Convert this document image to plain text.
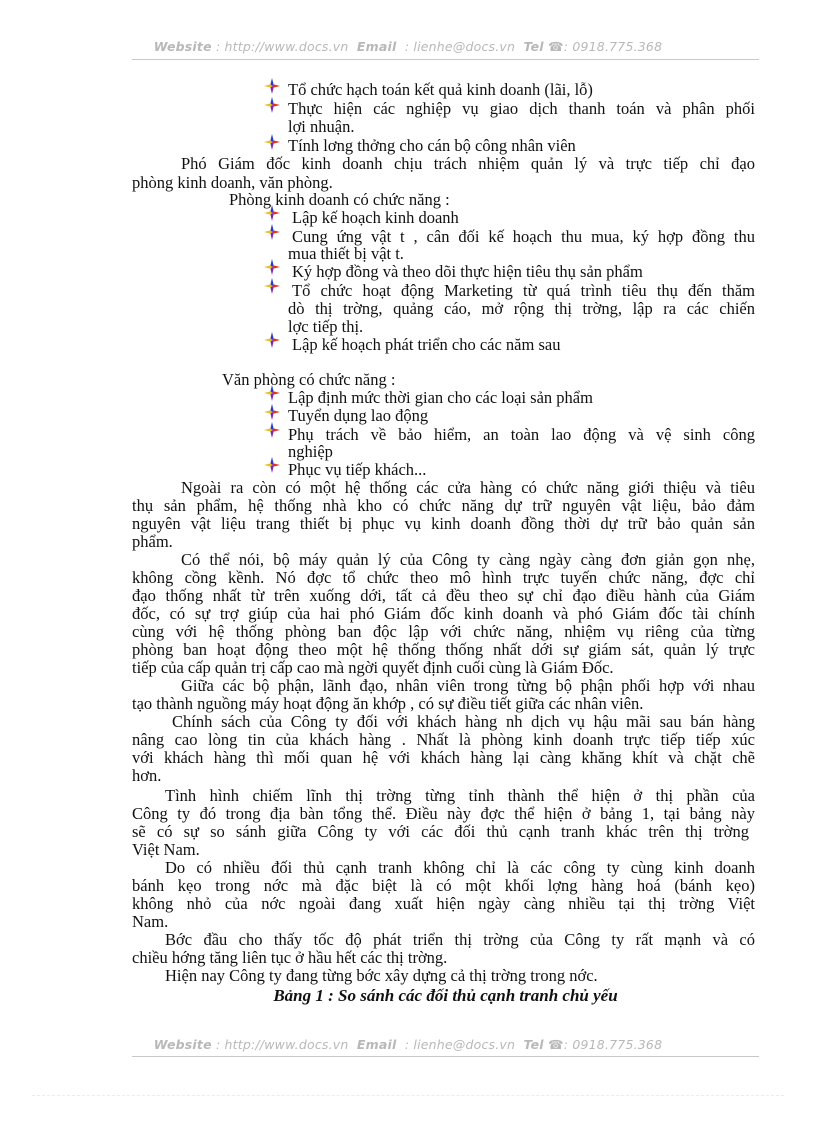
Website : http://www.docs.vn Email : lienhe@docs.vn Tel ☎: 0918.775.368
Tổ chức hạch toán kết quả kinh doanh (lãi, lỗ)
Thực hiện các nghiệp vụ giao dịch thanh toán và phân phối
lợi nhuận.
Tính lơng thởng cho cán bộ công nhân viên
Phó Giám đốc kinh doanh chịu trách nhiệm quản lý và trực tiếp chỉ đạo
phòng kinh doanh, văn phòng.
Phòng kinh doanh có chức năng :
Lập kế hoạch kinh doanh
Cung ứng vật t , cân đối kế hoạch thu mua, ký hợp đồng thu
mua thiết bị vật t.
Ký hợp đồng và theo dõi thực hiện tiêu thụ sản phẩm
Tổ chức hoạt động Marketing từ quá trình tiêu thụ đến thăm
dò thị trờng, quảng cáo, mở rộng thị trờng, lập ra các chiến
lợc tiếp thị.
Lập kế hoạch phát triển cho các năm sau
Văn phòng có chức năng :
Lập định mức thời gian cho các loại sản phẩm
Tuyển dụng lao động
Phụ trách về bảo hiểm, an toàn lao động và vệ sinh công
nghiệp
Phục vụ tiếp khách...
Ngoài ra còn có một hệ thống các cửa hàng có chức năng giới thiệu và tiêu
thụ sản phẩm, hệ thống nhà kho có chức năng dự trữ nguyên vật liệu, bảo đảm
nguyên vật liệu trang thiết bị phục vụ kinh doanh đồng thời dự trữ bảo quản sản
phẩm.
Có thể nói, bộ máy quản lý của Công ty càng ngày càng đơn giản gọn nhẹ,
không cồng kềnh. Nó đợc tổ chức theo mô hình trực tuyến chức năng, đợc chỉ
đạo thống nhất từ trên xuống dới, tất cả đều theo sự chỉ đạo điều hành của Giám
đốc, có sự trợ giúp của hai phó Giám đốc kinh doanh và phó Giám đốc tài chính
cùng với hệ thống phòng ban độc lập với chức năng, nhiệm vụ riêng của từng
phòng ban hoạt động theo một hệ thống thống nhất dới sự giám sát, quản lý trực
tiếp của cấp quản trị cấp cao mà ngời quyết định cuối cùng là Giám Đốc.
Giữa các bộ phận, lãnh đạo, nhân viên trong từng bộ phận phối hợp với nhau
tạo thành nguồng máy hoạt động ăn khớp , có sự điều tiết giữa các nhân viên.
Chính sách của Công ty đối với khách hàng nh dịch vụ hậu mãi sau bán hàng
nâng cao lòng tin của khách hàng . Nhất là phòng kinh doanh trực tiếp tiếp xúc
với khách hàng thì mối quan hệ với khách hàng lại càng khăng khít và chặt chẽ
hơn.
Tình hình chiếm lĩnh thị trờng từng tỉnh thành thể hiện ở thị phần của
Công ty đó trong địa bàn tổng thể. Điều này đợc thể hiện ở bảng 1, tại bảng này
sẽ có sự so sánh giữa Công ty với các đối thủ cạnh tranh khác trên thị trờng
Việt Nam.
Do có nhiều đối thủ cạnh tranh không chỉ là các công ty cùng kinh doanh
bánh kẹo trong nớc mà đặc biệt là có một khối lợng hàng hoá (bánh kẹo)
không nhỏ của nớc ngoài đang xuất hiện ngày càng nhiều tại thị trờng Việt
Nam.
Bớc đầu cho thấy tốc độ phát triển thị trờng của Công ty rất mạnh và có
chiều hớng tăng liên tục ở hầu hết các thị trờng.
Hiện nay Công ty đang từng bớc xây dựng cả thị trờng trong nớc.
Bảng 1 : So sánh các đối thủ cạnh tranh chủ yếu
Website : http://www.docs.vn Email : lienhe@docs.vn Tel ☎: 0918.775.368
